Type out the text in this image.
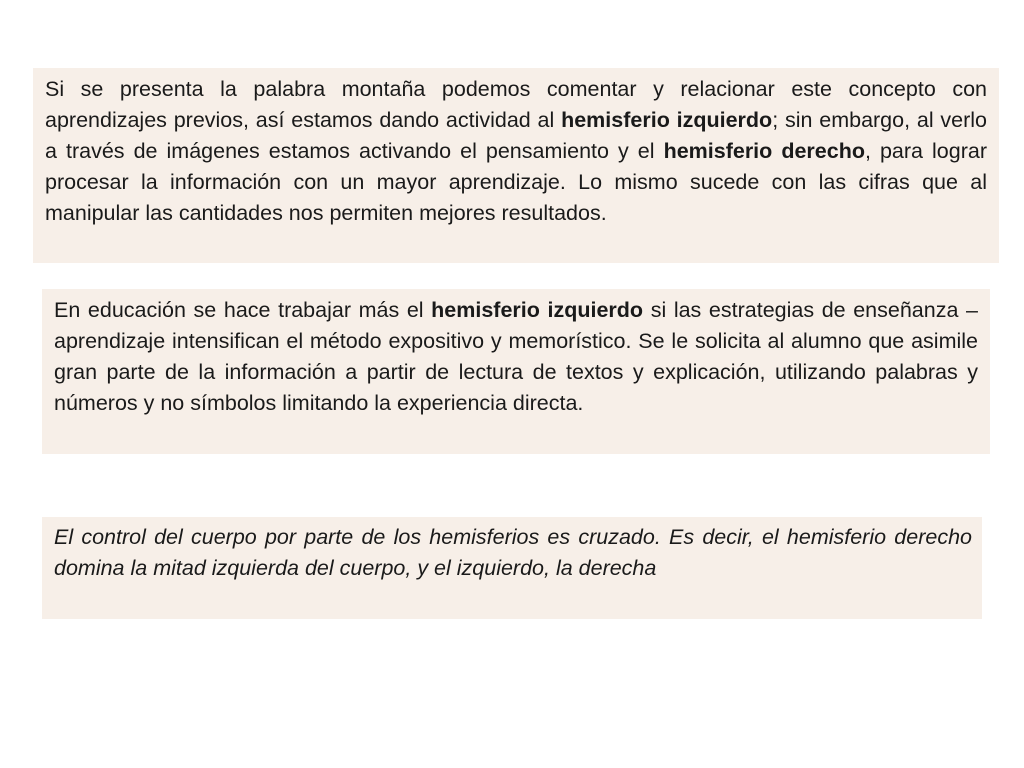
Si se presenta la palabra montaña podemos comentar y relacionar este concepto con aprendizajes previos, así estamos dando actividad al hemisferio izquierdo; sin embargo, al verlo a través de imágenes estamos activando el pensamiento y el hemisferio derecho, para lograr procesar la información con un mayor aprendizaje. Lo mismo sucede con las cifras que al manipular las cantidades nos permiten mejores resultados.

En educación se hace trabajar más el hemisferio izquierdo si las estrategias de enseñanza – aprendizaje intensifican el método expositivo y memorístico. Se le solicita al alumno que asimile gran parte de la información a partir de lectura de textos y explicación, utilizando palabras y números y no símbolos limitando la experiencia directa.

El control del cuerpo por parte de los hemisferios es cruzado. Es decir, el hemisferio derecho domina la mitad izquierda del cuerpo, y el izquierdo, la derecha
